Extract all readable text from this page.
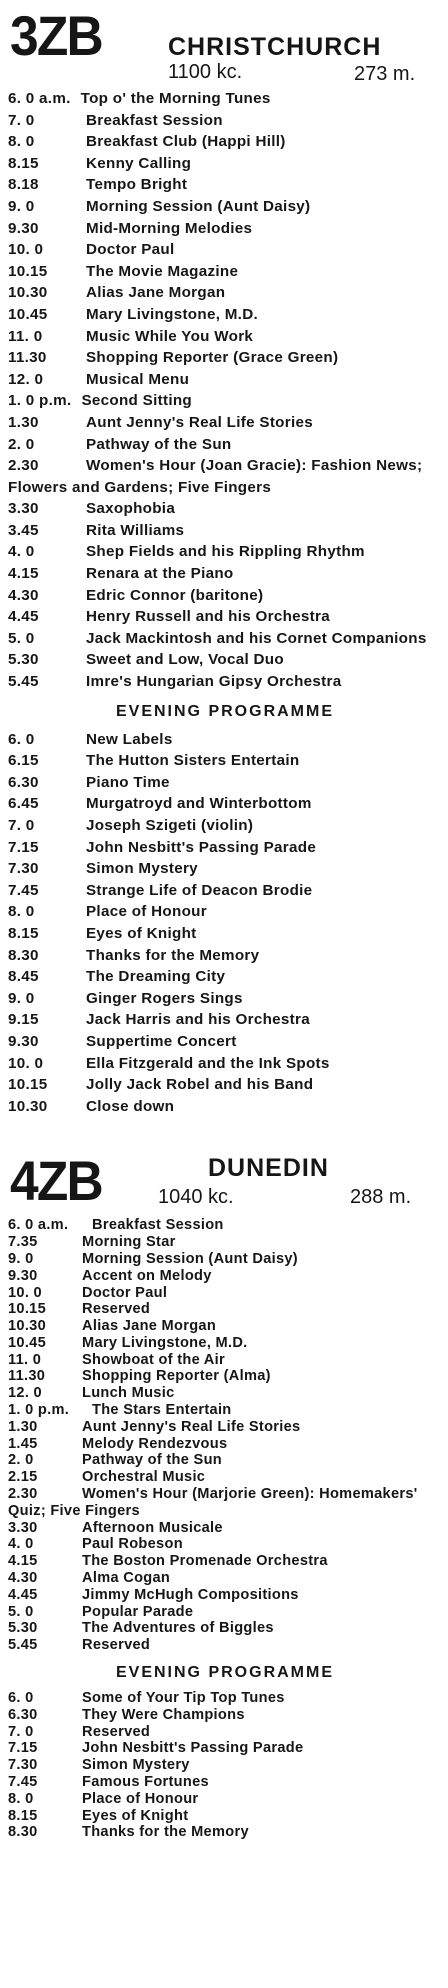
3ZB	CHRISTCHURCH
1100 kc.	273 m.
6. 0 a.m. Top o' the Morning Tunes
7. 0	Breakfast Session
8. 0	Breakfast Club (Happi Hill)
8.15	Kenny Calling
8.18	Tempo Bright
9. 0	Morning Session (Aunt Daisy)
9.30	Mid-Morning Melodies
10. 0	Doctor Paul
10.15	The Movie Magazine
10.30	Alias Jane Morgan
10.45	Mary Livingstone, M.D.
11. 0	Music While You Work
11.30	Shopping Reporter (Grace Green)
12. 0	Musical Menu
1. 0 p.m. Second Sitting
1.30	Aunt Jenny's Real Life Stories
2. 0	Pathway of the Sun
2.30	Women's Hour (Joan Gracie): Fashion News; Flowers and Gardens; Five Fingers
3.30	Saxophobia
3.45	Rita Williams
4. 0	Shep Fields and his Rippling Rhythm
4.15	Renara at the Piano
4.30	Edric Connor (baritone)
4.45	Henry Russell and his Orchestra
5. 0	Jack Mackintosh and his Cornet Companions
5.30	Sweet and Low, Vocal Duo
5.45	Imre's Hungarian Gipsy Orchestra
EVENING PROGRAMME
6. 0	New Labels
6.15	The Hutton Sisters Entertain
6.30	Piano Time
6.45	Murgatroyd and Winterbottom
7. 0	Joseph Szigeti (violin)
7.15	John Nesbitt's Passing Parade
7.30	Simon Mystery
7.45	Strange Life of Deacon Brodie
8. 0	Place of Honour
8.15	Eyes of Knight
8.30	Thanks for the Memory
8.45	The Dreaming City
9. 0	Ginger Rogers Sings
9.15	Jack Harris and his Orchestra
9.30	Suppertime Concert
10. 0	Ella Fitzgerald and the Ink Spots
10.15	Jolly Jack Robel and his Band
10.30	Close down
4ZB	DUNEDIN
1040 kc.	288 m.
6. 0 a.m.	Breakfast Session
7.35	Morning Star
9. 0	Morning Session (Aunt Daisy)
9.30	Accent on Melody
10. 0	Doctor Paul
10.15	Reserved
10.30	Alias Jane Morgan
10.45	Mary Livingstone, M.D.
11. 0	Showboat of the Air
11.30	Shopping Reporter (Alma)
12. 0	Lunch Music
1. 0 p.m.	The Stars Entertain
1.30	Aunt Jenny's Real Life Stories
1.45	Melody Rendezvous
2. 0	Pathway of the Sun
2.15	Orchestral Music
2.30	Women's Hour (Marjorie Green): Homemakers' Quiz; Five Fingers
3.30	Afternoon Musicale
4. 0	Paul Robeson
4.15	The Boston Promenade Orchestra
4.30	Alma Cogan
4.45	Jimmy McHugh Compositions
5. 0	Popular Parade
5.30	The Adventures of Biggles
5.45	Reserved
EVENING PROGRAMME
6. 0	Some of Your Tip Top Tunes
6.30	They Were Champions
7. 0	Reserved
7.15	John Nesbitt's Passing Parade
7.30	Simon Mystery
7.45	Famous Fortunes
8. 0	Place of Honour
8.15	Eyes of Knight
8.30	Thanks for the Memory
